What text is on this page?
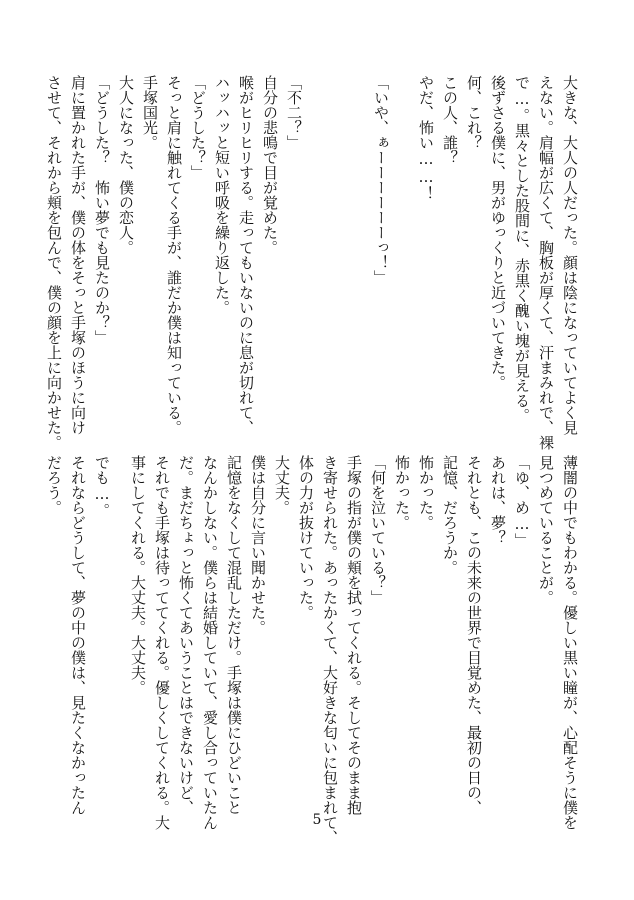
大きな、大人の人だった。顔は陰になっていてよく見

えない。肩幅が広くて、胸板が厚くて、汗まみれで、裸

で…。黒々とした股間に、赤黒く醜い塊が見える。

後ずさる僕に、男がゆっくりと近づいてきた。

何、これ？

この人、誰？

やだ、怖い……！

「いや、ぁーーーーーーっ！」

「不二？」

自分の悲鳴で目が覚めた。

喉がヒリヒリする。走ってもいないのに息が切れて、

ハッハッと短い呼吸を繰り返した。

「どうした？」

そっと肩に触れてくる手が、誰だか僕は知っている。

手塚国光。

大人になった、僕の恋人。

「どうした？　怖い夢でも見たのか？」

肩に置かれた手が、僕の体をそっと手塚のほうに向け

させて、それから頬を包んで、僕の顔を上に向かせた。

薄闇の中でもわかる。優しい黒い瞳が、心配そうに僕を

見つめていることが。

「ゆ、め…」

あれは、夢？

それとも、この未来の世界で目覚めた、最初の日の、

記憶、だろうか。

怖かった。

怖かった。

「何を泣いている？」

手塚の指が僕の頬を拭ってくれる。そしてそのまま抱

き寄せられた。あったかくて、大好きな匂いに包まれて、

体の力が抜けていった。

大丈夫。

僕は自分に言い聞かせた。

記憶をなくして混乱しただけ。手塚は僕にひどいこと

なんかしない。僕らは結婚していて、愛し合っていたん

だ。まだちょっと怖くてあいうことはできないけど、

それでも手塚は待っててくれる。優しくしてくれる。大

事にしてくれる。大丈夫。大丈夫。

でも…。

それならどうして、夢の中の僕は、見たくなかったん

だろう。

5
